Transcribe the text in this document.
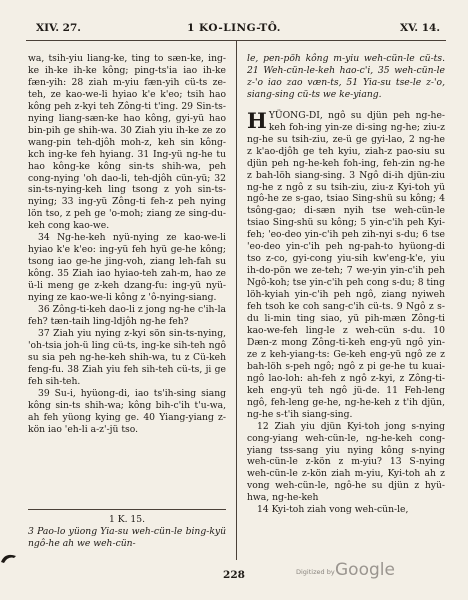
XIV. 27.	1 KO-LING-TÔ.	XV. 14.

wa, tsih-yiu liang-ke, ting to sæn-ke, ing-ke ih-ke ih-ke kông; ping-ts'ia iao ih-ke fæn-yih: 28 ziah m-yiu fæn-yih cü-ts ze-teh, ze kao-we-li hyiao k'e k'eo; tsih hao kông peh z-kyi teh Zông-ti t'ing. 29 Sin-ts-nying liang-sæn-ke hao kông, gyi-yü hao bin-pih ge shih-wa. 30 Ziah yiu ih-ke ze zo wang-pin teh-djôh moh-z, keh sin kông-kch ing-ke feh hyiang. 31 Ing-yü ng-he tu hao kông-ke kông sin-ts shih-wa, peh cong-nying 'oh dao-li, teh-djôh cün-yü; 32 sin-ts-nying-keh ling tsong z yoh sin-ts-nying; 33 ing-yü Zông-ti feh-z peh nying lön tso, z peh ge 'o-moh; ziang ze sing-du-keh cong kao-we.

34 Ng-he-keh nyü-nying ze kao-we-li hyiao k'e k'eo: ing-yü feh hyü ge-he kông; tsong iao ge-he jing-voh, ziang leh-fah su kông. 35 Ziah iao hyiao-teh zah-m, hao ze ü-li meng ge z-keh dzang-fu: ing-yü nyü-nying ze kao-we-li kông z 'ô-nying-siang.

36 Zông-ti-keh dao-li z jong ng-he c'ih-la feh? tæn-taih ling-ldjôh ng-he feh?

37 Ziah yiu nying z-kyi sön sin-ts-nying, 'oh-tsia joh-ü ling cü-ts, ing-ke sih-teh ngô su sia peh ng-he-keh shih-wa, tu z Cü-keh feng-fu. 38 Ziah yiu feh sih-teh cü-ts, ji ge feh sih-teh.

39 Su-i, hyüong-di, iao ts'ih-sing siang kông sin-ts shih-wa; kông bih-c'ih t'u-wa, ah feh yüong kying ge. 40 Yiang-yiang z-kön iao 'eh-li a-z'-jü tso.

1 K. 15.
3 Pao-lo yüong Yia-su weh-cün-le bing-kyü ngô-he ah we weh-cün-

le, pen-pöh kông m-yiu weh-cün-le cü-ts. 21 Weh-cün-le-keh hao-c'i, 35 weh-cün-le z-'o iao zao væn-ts, 51 Yia-su tse-le z-'o, siang-sing cü-ts we ke-yiang.

HYÜONG-DI, ngô su djün peh ng-he-keh foh-ing yin-ze di-sing ng-he; ziu-z ng-he su tsih-ziu, ze-ü ge gyi-lao, 2 ng-he z k'ao-djôh ge teh kyiu, ziah-z pao-siu su djün peh ng-he-keh foh-ing, feh-zin ng-he z bah-löh siang-sing. 3 Ngô di-ih djün-ziu ng-he z ngô z su tsih-ziu, ziu-z Kyi-toh yü ngô-he ze s-gao, tsiao Sing-shü su kông; 4 tsông-gao; di-sæn nyih tse weh-cün-le tsiao Sing-shü su kông; 5 yin-c'ih peh Kyi-feh; 'eo-deo yin-c'ih peh zih-nyi s-du; 6 tse 'eo-deo yin-c'ih peh ng-pah-to hyüong-di tso z-co, gyi-cong yiu-sih kw'eng-k'e, yiu ih-do-pön we ze-teh; 7 we-yin yin-c'ih peh Ngô-koh; tse yin-c'ih peh cong s-du; 8 ting löh-kyiah yin-c'ih peh ngô, ziang nyiweh feh tsoh ke coh sang-c'ih cü-ts. 9 Ngô z s-du li-min ting siao, yü pih-mæn Zông-ti kao-we-feh ling-le z weh-cün s-du. 10 Dæn-z mong Zông-ti-keh eng-yü ngô yin-ze z keh-yiang-ts: Ge-keh eng-yü ngô ze z bah-löh s-peh ngô; ngô z pi ge-he tu kuai-ngô lao-loh: ah-feh z ngô z-kyi, z Zông-ti-keh eng-yü teh ngô jü-de. 11 Feh-leng ngô, feh-leng ge-he, ng-he-keh z t'ih djün, ng-he s-t'ih siang-sing.

12 Ziah yiu djün Kyi-toh jong s-nying cong-yiang weh-cün-le, ng-he-keh cong-yiang tss-sang yiu nying kông s-nying weh-cün-le z-kön z m-yiu? 13 S-nying weh-cün-le z-kön ziah m-yiu, Kyi-toh ah z vong weh-cün-le, ngô-he su djün z hyü-hwa, ng-he-keh

14 Kyi-toh ziah vong weh-cün-le,

228	Digitized by Google
